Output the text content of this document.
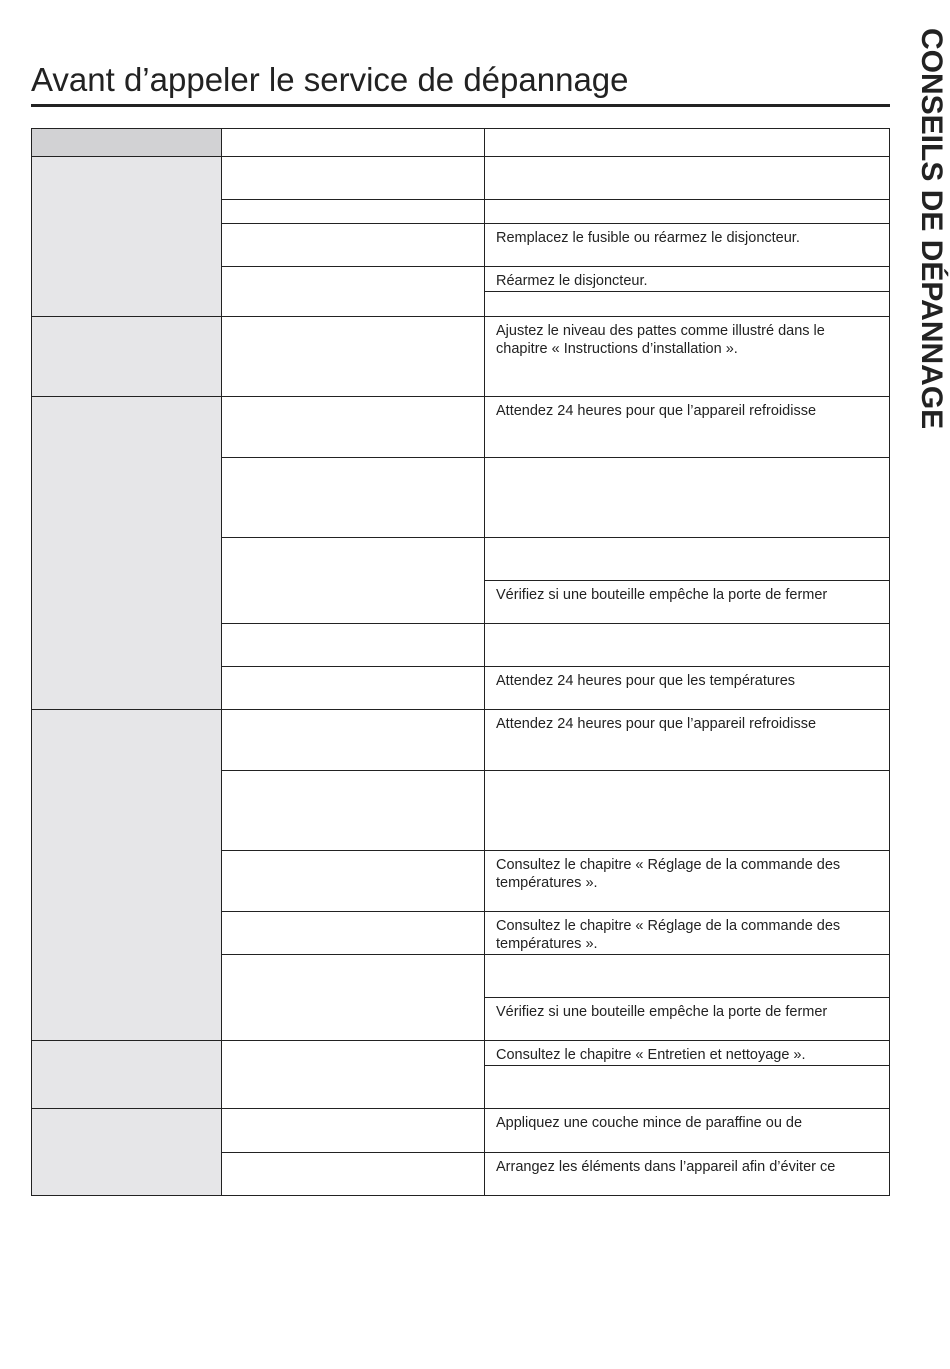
Avant d’appeler le service de dépannage	CONSEILS DE DÉPANNAGE
Remplacez le fusible ou réarmez le disjoncteur.
Réarmez le disjoncteur.
Ajustez le niveau des pattes comme illustré dans le chapitre « Instructions d’installation ».
Attendez 24 heures pour que l’appareil refroidisse
Vérifiez si une bouteille empêche la porte de fermer
Attendez 24 heures pour que les températures
Attendez 24 heures pour que l’appareil refroidisse
Consultez le chapitre « Réglage de la commande des températures ».
Consultez le chapitre « Réglage de la commande des températures ».
Vérifiez si une bouteille empêche la porte de fermer
Consultez le chapitre « Entretien et nettoyage ».
Appliquez une couche mince de paraffine ou de
Arrangez les éléments dans l’appareil afin d’éviter ce
